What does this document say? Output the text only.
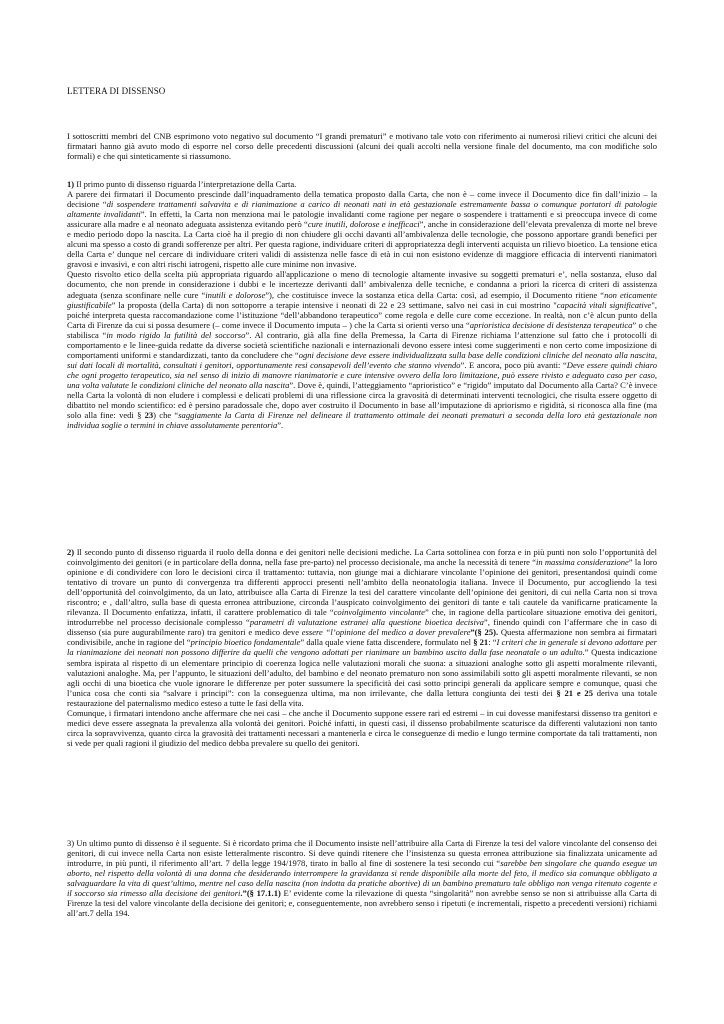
LETTERA DI DISSENSO

I sottoscritti membri del CNB esprimono voto negativo sul documento “I grandi prematuri” e motivano tale voto con riferimento ai numerosi rilievi critici che alcuni dei firmatari hanno già avuto modo di esporre nel corso delle precedenti discussioni (alcuni dei quali accolti nella versione finale del documento, ma con modifiche solo formali) e che qui sinteticamente si riassumono.

1) Il primo punto di dissenso riguarda l’interpretazione della Carta.

A parere dei firmatari il Documento prescinde dall’inquadramento della tematica proposto dalla Carta, che non è – come invece il Documento dice fin dall’inizio – la decisione “di sospendere trattamenti salvavita e di rianimazione a carico di neonati nati in età gestazionale estremamente bassa o comunque portatori di patologie altamente invalidanti”. In effetti, la Carta non menziona mai le patologie invalidanti come ragione per negare o sospendere i trattamenti e si preoccupa invece di come assicurare alla madre e al neonato adeguata assistenza evitando però “cure inutili, dolorose e inefficaci”, anche in considerazione dell’elevata prevalenza di morte nel breve e medio periodo dopo la nascita. La Carta cioè ha il pregio di non chiudere gli occhi davanti all’ambivalenza delle tecnologie, che possono apportare grandi benefici per alcuni ma spesso a costo di grandi sofferenze per altri. Per questa ragione, individuare criteri di appropriatezza degli interventi acquista un rilievo bioetico. La tensione etica della Carta e’ dunque nel cercare di individuare criteri validi di assistenza nelle fasce di età in cui non esistono evidenze di maggiore efficacia di interventi rianimatori gravosi e invasivi, e con altri rischi iatrogeni, rispetto alle cure minime non invasive.

Questo risvolto etico della scelta più appropriata riguardo all'applicazione o meno di tecnologie altamente invasive su soggetti prematuri e’, nella sostanza, eluso dal documento, che non prende in considerazione i dubbi e le incertezze derivanti dall’ ambivalenza delle tecniche, e condanna a priori la ricerca di criteri di assistenza adeguata (senza sconfinare nelle cure “inutili e dolorose”), che costituisce invece la sostanza etica della Carta: così, ad esempio, il Documento ritiene “non eticamente giustificabile” la proposta (della Carta) di non sottoporre a terapie intensive i neonati di 22 e 23 settimane, salvo nei casi in cui mostrino "capacità vitali significative", poiché interpreta questa raccomandazione come l’istituzione “dell’abbandono terapeutico” come regola e delle cure come eccezione. In realtà, non c’è alcun punto della Carta di Firenze da cui si possa desumere (– come invece il Documento imputa – ) che la Carta si orienti verso una “aprioristica decisione di desistenza terapeutica” o che stabilisca “in modo rigido la futilità del soccorso”. Al contrario, già alla fine della Premessa, la Carta di Firenze richiama l’attenzione sul fatto che i protocolli di comportamento e le linee-guida redatte da diverse società scientifiche nazionali e internazionali devono essere intesi come suggerimenti e non certo come imposizione di comportamenti uniformi e standardizzati, tanto da concludere che “ogni decisione deve essere individualizzata sulla base delle condizioni cliniche del neonato alla nascita, sui dati locali di mortalità, consultati i genitori, opportunamente resi consapevoli dell’evento che stanno vivendo”. E ancora, poco più avanti: “Deve essere quindi chiaro che ogni progetto terapeutico, sia nel senso di inizio di manovre rianimatorie e cure intensive ovvero della loro limitazione, può essere rivisto e adeguato caso per caso, una volta valutate le condizioni cliniche del neonato alla nascita”. Dove è, quindi, l’atteggiamento “aprioristico” e “rigido” imputato dal Documento alla Carta? C’è invece nella Carta la volontà di non eludere i complessi e delicati problemi di una riflessione circa la gravosità di determinati interventi tecnologici, che risulta essere oggetto di dibattito nel mondo scientifico: ed è persino paradossale che, dopo aver costruito il Documento in base all’imputazione di apriorismo e rigidità, si riconosca alla fine (ma solo alla fine: vedi § 23) che “saggiamente la Carta di Firenze nel delineare il trattamento ottimale dei neonati prematuri a seconda della loro età gestazionale non individua soglie o termini in chiave assolutamente perentoria”.

2) Il secondo punto di dissenso riguarda il ruolo della donna e dei genitori nelle decisioni mediche. La Carta sottolinea con forza e in più punti non solo l’opportunità del coinvolgimento dei genitori (e in particolare della donna, nella fase pre-parto) nel processo decisionale, ma anche la necessità di tenere “in massima considerazione” la loro opinione e di condividere con loro le decisioni circa il trattamento: tuttavia, non giunge mai a dichiarare vincolante l’opinione dei genitori, presentandosi quindi come tentativo di trovare un punto di convergenza tra differenti approcci presenti nell’ambito della neonatologia italiana. Invece il Documento, pur accogliendo la tesi dell’opportunità del coinvolgimento, da un lato, attribuisce alla Carta di Firenze la tesi del carattere vincolante dell’opinione dei genitori, di cui nella Carta non si trova riscontro; e , dall’altro, sulla base di questa erronea attribuzione, circonda l’auspicato coinvolgimento dei genitori di tante e tali cautele da vanificarne praticamente la rilevanza. Il Documento enfatizza, infatti, il carattere problematico di tale “coinvolgimento vincolante” che, in ragione della particolare situazione emotiva dei genitori, introdurrebbe nel processo decisionale complesso “parametri di valutazione estranei alla questione bioetica decisiva”, finendo quindi con l’affermare che in caso di dissenso (sia pure augurabilmente raro) tra genitori e medico deve essere “l’opinione del medico a dover prevalere”(§ 25). Questa affermazione non sembra ai firmatari condivisibile, anche in ragione del “principio bioetico fondamentale” dalla quale viene fatta discendere, formulato nel § 21: “I criteri che in generale si devono adottare per la rianimazione dei neonati non possono differire da quelli che vengono adottati per rianimare un bambino uscito dalla fase neonatale o un adulto.” Questa indicazione sembra ispirata al rispetto di un elementare principio di coerenza logica nelle valutazioni morali che suona: a situazioni analoghe sotto gli aspetti moralmente rilevanti, valutazioni analoghe. Ma, per l’appunto, le situazioni dell’adulto, del bambino e del neonato prematuro non sono assimilabili sotto gli aspetti moralmente rilevanti, se non agli occhi di una bioetica che vuole ignorare le differenze per poter sussumere la specificità dei casi sotto principi generali da applicare sempre e comunque, quasi che l’unica cosa che conti sia “salvare i principi”: con la conseguenza ultima, ma non irrilevante, che dalla lettura congiunta dei testi dei § 21 e 25 deriva una totale restaurazione del paternalismo medico esteso a tutte le fasi della vita.

Comunque, i firmatari intendono anche affermare che nei casi – che anche il Documento suppone essere rari ed estremi – in cui dovesse manifestarsi dissenso tra genitori e medici deve essere assegnata la prevalenza alla volontà dei genitori. Poiché infatti, in questi casi, il dissenso probabilmente scaturisce da differenti valutazioni non tanto circa la sopravvivenza, quanto circa la gravosità dei trattamenti necessari a mantenerla e circa le conseguenze di medio e lungo termine comportate da tali trattamenti, non si vede per quali ragioni il giudizio del medico debba prevalere su quello dei genitori.

3) Un ultimo punto di dissenso è il seguente. Si è ricordato prima che il Documento insiste nell’attribuire alla Carta di Firenze la tesi del valore vincolante del consenso dei genitori, di cui invece nella Carta non esiste letteralmente riscontro. Si deve quindi ritenere che l’insistenza su questa erronea attribuzione sia finalizzata unicamente ad introdurre, in più punti, il riferimento all’art. 7 della legge 194/1978, tirato in ballo al fine di sostenere la tesi secondo cui “sarebbe ben singolare che quando esegue un aborto, nel rispetto della volontà di una donna che desiderando interrompere la gravidanza si rende disponibile alla morte del feto, il medico sia comunque obbligato a salvaguardare la vita di quest’ultimo, mentre nel caso della nascita (non indotta da pratiche abortive) di un bambino prematuro tale obbligo non venga ritenuto cogente e il soccorso sia rimesso alla decisione dei genitori.”(§ 17.1.1) E’ evidente come la rilevazione di questa “singolarità” non avrebbe senso se non si attribuisse alla Carta di Firenze la tesi del valore vincolante della decisione dei genitori; e, conseguentemente, non avrebbero senso i ripetuti (e incrementali, rispetto a precedenti versioni) richiami all’art.7 della 194.
